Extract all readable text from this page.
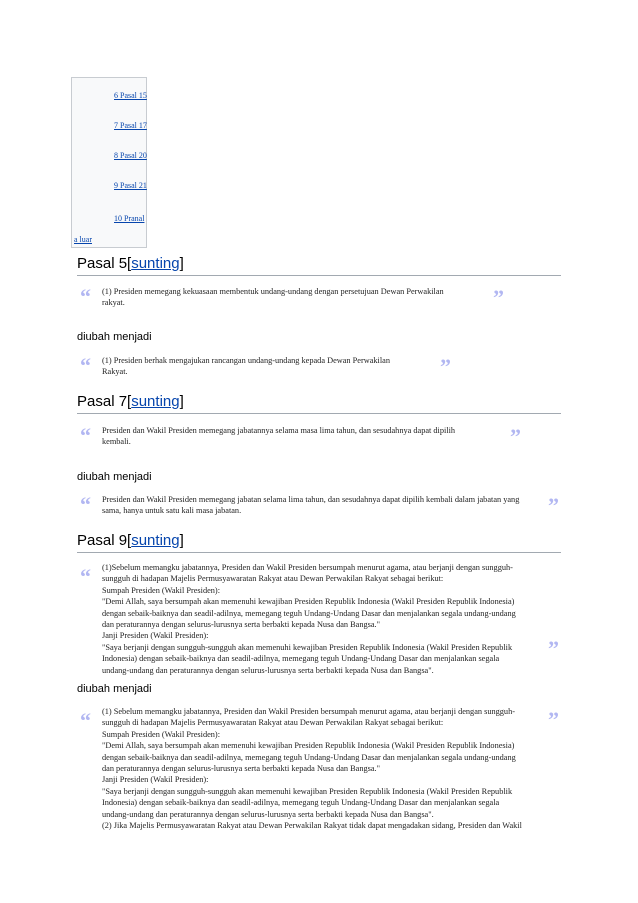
6 Pasal 15
7 Pasal 17
8 Pasal 20
9 Pasal 21
10 Pranal
a luar
Pasal 5[sunting]
“ (1) Presiden memegang kekuasaan membentuk undang-undang dengan persetujuan Dewan Perwakilan
rakyat.	”
diubah menjadi
“ (1) Presiden berhak mengajukan rancangan undang-undang kepada Dewan Perwakilan
Rakyat.	”
Pasal 7[sunting]
“ Presiden dan Wakil Presiden memegang jabatannya selama masa lima tahun, dan sesudahnya dapat dipilih
kembali.	”
diubah menjadi
“ Presiden dan Wakil Presiden memegang jabatan selama lima tahun, dan sesudahnya dapat dipilih kembali dalam jabatan yang
sama, hanya untuk satu kali masa jabatan.	”
Pasal 9[sunting]
“ (1)Sebelum memangku jabatannya, Presiden dan Wakil Presiden bersumpah menurut agama, atau berjanji dengan sungguh-
sungguh di hadapan Majelis Permusyawaratan Rakyat atau Dewan Perwakilan Rakyat sebagai berikut:
Sumpah Presiden (Wakil Presiden):
"Demi Allah, saya bersumpah akan memenuhi kewajiban Presiden Republik Indonesia (Wakil Presiden Republik Indonesia)
dengan sebaik-baiknya dan seadil-adilnya, memegang teguh Undang-Undang Dasar dan menjalankan segala undang-undang
dan peraturannya dengan selurus-lurusnya serta berbakti kepada Nusa dan Bangsa."
Janji Presiden (Wakil Presiden):
"Saya berjanji dengan sungguh-sungguh akan memenuhi kewajiban Presiden Republik Indonesia (Wakil Presiden Republik
Indonesia) dengan sebaik-baiknya dan seadil-adilnya, memegang teguh Undang-Undang Dasar dan menjalankan segala
undang-undang dan peraturannya dengan selurus-lurusnya serta berbakti kepada Nusa dan Bangsa".
”
diubah menjadi
“ (1) Sebelum memangku jabatannya, Presiden dan Wakil Presiden bersumpah menurut agama, atau berjanji dengan sungguh-
sungguh di hadapan Majelis Permusyawaratan Rakyat atau Dewan Perwakilan Rakyat sebagai berikut:
Sumpah Presiden (Wakil Presiden):
"Demi Allah, saya bersumpah akan memenuhi kewajiban Presiden Republik Indonesia (Wakil Presiden Republik Indonesia)
dengan sebaik-baiknya dan seadil-adilnya, memegang teguh Undang-Undang Dasar dan menjalankan segala undang-undang
dan peraturannya dengan selurus-lurusnya serta berbakti kepada Nusa dan Bangsa."
Janji Presiden (Wakil Presiden):
"Saya berjanji dengan sungguh-sungguh akan memenuhi kewajiban Presiden Republik Indonesia (Wakil Presiden Republik
Indonesia) dengan sebaik-baiknya dan seadil-adilnya, memegang teguh Undang-Undang Dasar dan menjalankan segala
undang-undang dan peraturannya dengan selurus-lurusnya serta berbakti kepada Nusa dan Bangsa".
(2) Jika Majelis Permusyawaratan Rakyat atau Dewan Perwakilan Rakyat tidak dapat mengadakan sidang, Presiden dan Wakil
”
